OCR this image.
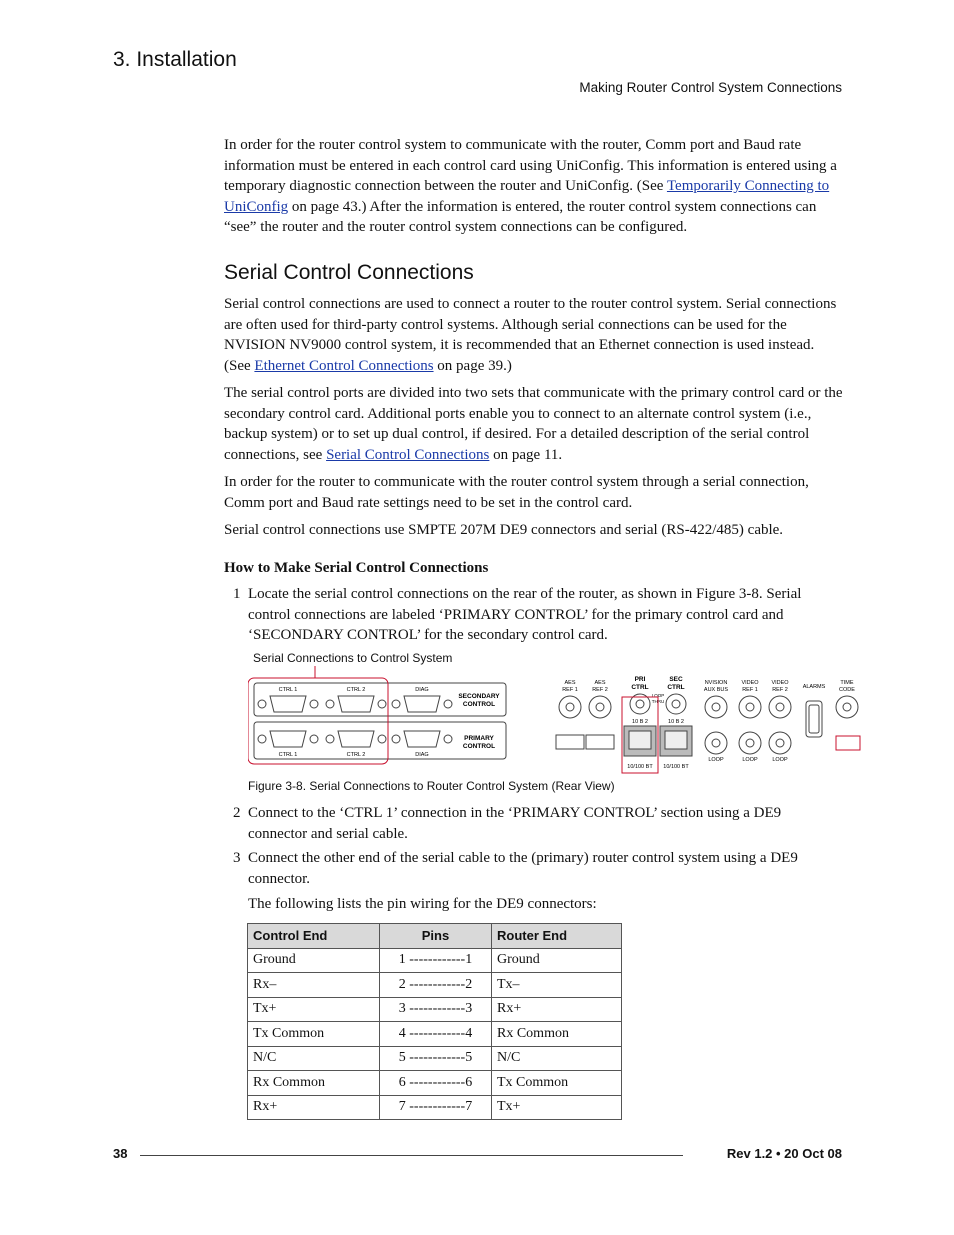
3. Installation
Making Router Control System Connections

In order for the router control system to communicate with the router, Comm port and Baud rate information must be entered in each control card using UniConfig. This information is entered using a temporary diagnostic connection between the router and UniConfig. (See Temporarily Connecting to UniConfig on page 43.) After the information is entered, the router control system connections can “see” the router and the router control system connections can be configured.

Serial Control Connections

Serial control connections are used to connect a router to the router control system. Serial connections are often used for third-party control systems. Although serial connections can be used for the NVISION NV9000 control system, it is recommended that an Ethernet connection is used instead. (See Ethernet Control Connections on page 39.)

The serial control ports are divided into two sets that communicate with the primary control card or the secondary control card. Additional ports enable you to connect to an alternate control system (i.e., backup system) or to set up dual control, if desired. For a detailed description of the serial control connections, see Serial Control Connections on page 11.

In order for the router to communicate with the router control system through a serial connection, Comm port and Baud rate settings need to be set in the control card.

Serial control connections use SMPTE 207M DE9 connectors and serial (RS-422/485) cable.

How to Make Serial Control Connections
1 Locate the serial control connections on the rear of the router, as shown in Figure 3-8. Serial control connections are labeled ‘PRIMARY CONTROL’ for the primary control card and ‘SECONDARY CONTROL’ for the secondary control card.
Serial Connections to Control System
CTRL 1	CTRL 2	DIAG
SECONDARY
CONTROL
CTRL 1	CTRL 2	DIAG
PRIMARY
CONTROL
AES
REF 1
AES
REF 2
PRI
CTRL
SEC
CTRL
LOOP
THRU
10 B 2	10 B 2
10/100 BT 10/100 BT
NVISION
AUX BUS
VIDEO
REF 1
VIDEO
REF 2	ALARMS
TIME
CODE
LOOP	LOOP	LOOP
Figure 3-8. Serial Connections to Router Control System (Rear View)
2 Connect to the ‘CTRL 1’ connection in the ‘PRIMARY CONTROL’ section using a DE9 connector and serial cable.
3 Connect the other end of the serial cable to the (primary) router control system using a DE9 connector.
The following lists the pin wiring for the DE9 connectors:
Control End	Pins	Router End
Ground	1 ------------1	Ground
Rx–	2 ------------2	Tx–
Tx+	3 ------------3	Rx+
Tx Common	4 ------------4	Rx Common
N/C	5 ------------5	N/C
Rx Common	6 ------------6	Tx Common
Rx+	7 ------------7	Tx+
38	Rev 1.2 • 20 Oct 08
